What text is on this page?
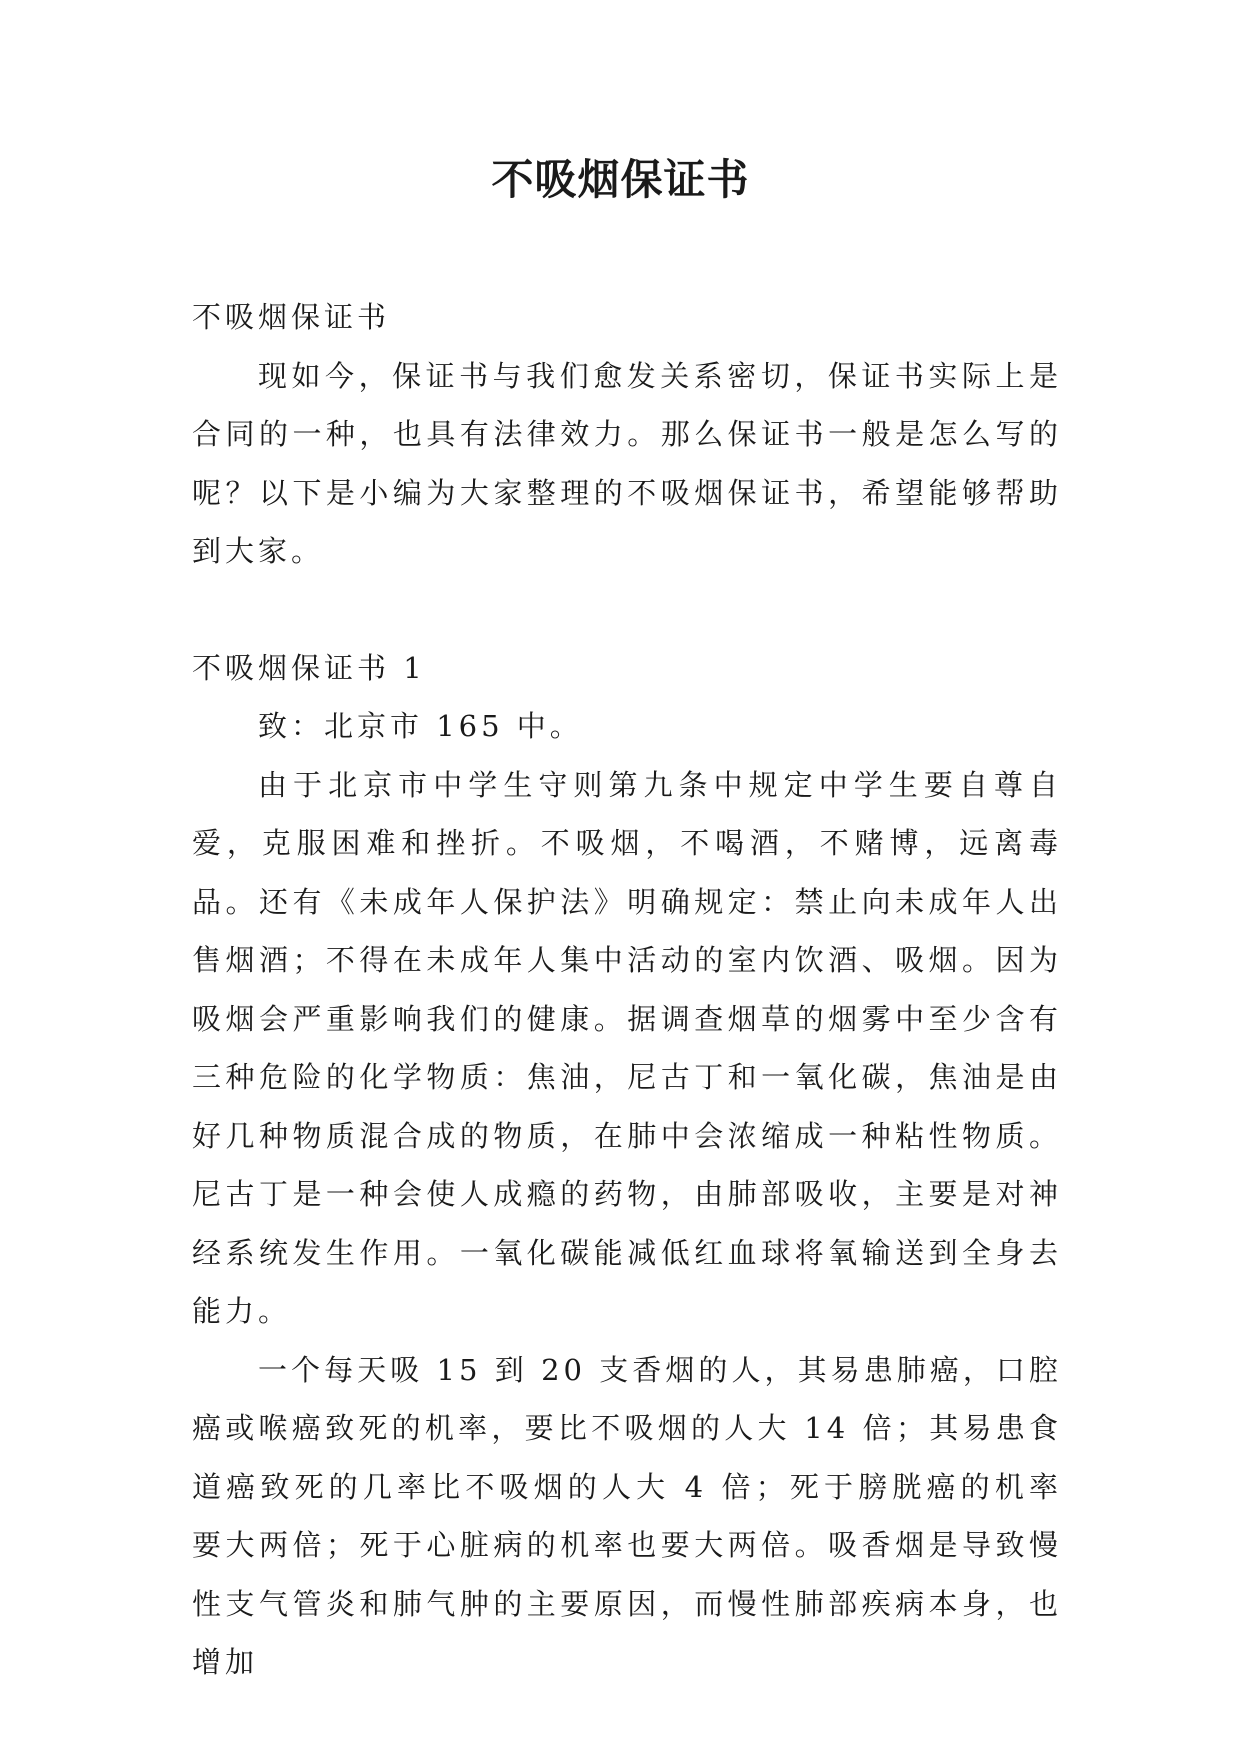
不吸烟保证书

不吸烟保证书

现如今，保证书与我们愈发关系密切，保证书实际上是合同的一种，也具有法律效力。那么保证书一般是怎么写的呢？以下是小编为大家整理的不吸烟保证书，希望能够帮助到大家。

不吸烟保证书 1

致：北京市 165 中。

由于北京市中学生守则第九条中规定中学生要自尊自爱，克服困难和挫折。不吸烟，不喝酒，不赌博，远离毒品。还有《未成年人保护法》明确规定：禁止向未成年人出售烟酒；不得在未成年人集中活动的室内饮酒、吸烟。因为吸烟会严重影响我们的健康。据调查烟草的烟雾中至少含有三种危险的化学物质：焦油，尼古丁和一氧化碳，焦油是由好几种物质混合成的物质，在肺中会浓缩成一种粘性物质。尼古丁是一种会使人成瘾的药物，由肺部吸收，主要是对神经系统发生作用。一氧化碳能减低红血球将氧输送到全身去能力。

一个每天吸 15 到 20 支香烟的人，其易患肺癌，口腔癌或喉癌致死的机率，要比不吸烟的人大 14 倍；其易患食道癌致死的几率比不吸烟的人大 4 倍；死于膀胱癌的机率要大两倍；死于心脏病的机率也要大两倍。吸香烟是导致慢性支气管炎和肺气肿的主要原因，而慢性肺部疾病本身，也增加
